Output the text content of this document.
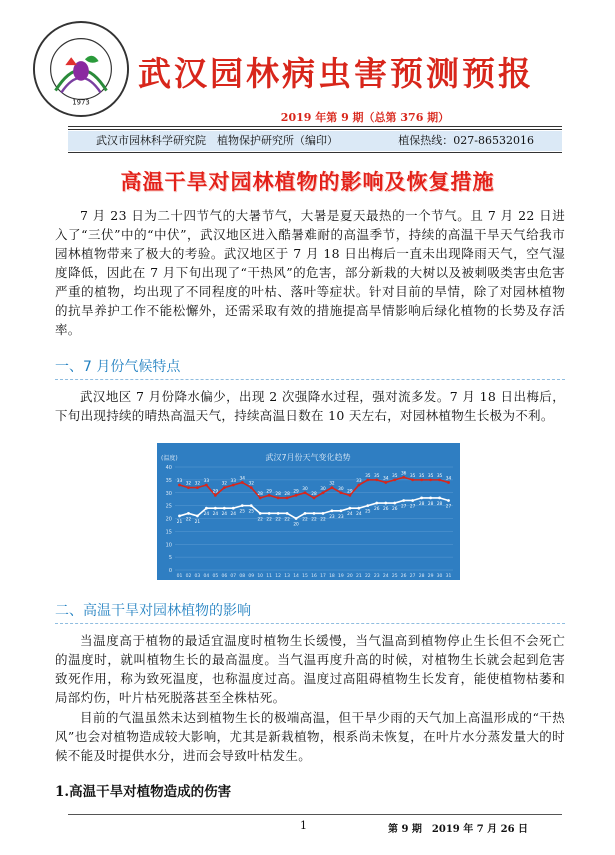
1973
武汉园林病虫害预测预报
2019 年第 9 期（总第 376 期）
武汉市园林科学研究院　植物保护研究所（编印）	植保热线：027-86532016
高温干旱对园林植物的影响及恢复措施

7 月 23 日为二十四节气的大暑节气，大暑是夏天最热的一个节气。且 7 月 22 日进入了“三伏”中的“中伏”，武汉地区进入酷暑难耐的高温季节，持续的高温干旱天气给我市园林植物带来了极大的考验。武汉地区于 7 月 18 日出梅后一直未出现降雨天气，空气湿度降低，因此在 7 月下旬出现了“干热风”的危害，部分新栽的大树以及被刺吸类害虫危害严重的植物，均出现了不同程度的叶枯、落叶等症状。针对目前的旱情，除了对园林植物的抗旱养护工作不能松懈外，还需采取有效的措施提高旱情影响后绿化植物的长势及存活率。

一、7 月份气候特点

武汉地区 7 月份降水偏少，出现 2 次强降水过程，强对流多发。7 月 18 日出梅后，下旬出现持续的晴热高温天气，持续高温日数在 10 天左右，对园林植物生长极为不利。

武汉7月份天气变化趋势
(温度)
0
5
10
15
20
25
30
35
40
33
32 32
33
29
32
33
34
32
28
29
28 28
29
30
28
30
32
30
29
33
35 35
34
35
36
35 35 35 35
34
21
22
21
24 24 24 24
25 25
22 22 22 22
20
22 22 22
23 23
24 24
25
26 26 26
27 27
28 28 28
27
01 02 03 04 05 06 07 08 09 10 11 12 13 14 15 16 17 18 19 20 21 22 23 24 25 26 27 28 29 30 31
二、高温干旱对园林植物的影响

当温度高于植物的最适宜温度时植物生长缓慢，当气温高到植物停止生长但不会死亡的温度时，就叫植物生长的最高温度。当气温再度升高的时候，对植物生长就会起到危害致死作用，称为致死温度，也称温度过高。温度过高阻碍植物生长发育，能使植物枯萎和局部灼伤，叶片枯死脱落甚至全株枯死。

目前的气温虽然未达到植物生长的极端高温，但干旱少雨的天气加上高温形成的“干热风”也会对植物造成较大影响，尤其是新栽植物，根系尚未恢复，在叶片水分蒸发量大的时候不能及时提供水分，进而会导致叶枯发生。

1.高温干旱对植物造成的伤害
1	第 9 期　2019 年 7 月 26 日
